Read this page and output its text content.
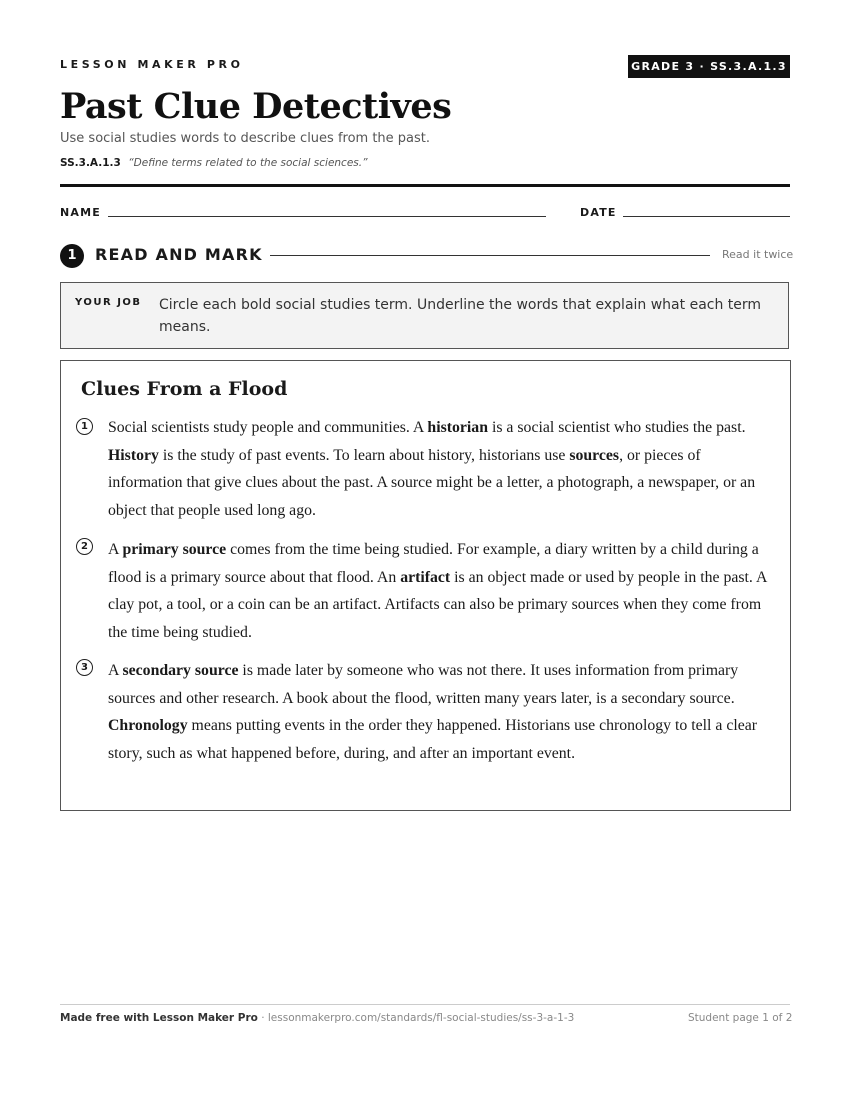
LESSON MAKER PRO	GRADE 3 · SS.3.A.1.3
Past Clue Detectives
Use social studies words to describe clues from the past.
SS.3.A.1.3 “Define terms related to the social sciences.”
NAME	DATE
1	READ AND MARK	Read it twice
YOUR JOB Circle each bold social studies term. Underline the words that explain what each term means.
Clues From a Flood
1	Social scientists study people and communities. A historian is a social scientist who studies the past. History is the study of past events. To learn about history, historians use sources, or pieces of information that give clues about the past. A source might be a letter, a photograph, a newspaper, or an object that people used long ago.
2	A primary source comes from the time being studied. For example, a diary written by a child during a flood is a primary source about that flood. An artifact is an object made or used by people in the past. A clay pot, a tool, or a coin can be an artifact. Artifacts can also be primary sources when they come from the time being studied.
3	A secondary source is made later by someone who was not there. It uses information from primary sources and other research. A book about the flood, written many years later, is a secondary source. Chronology means putting events in the order they happened. Historians use chronology to tell a clear story, such as what happened before, during, and after an important event.
Made free with Lesson Maker Pro · lessonmakerpro.com/standards/fl-social-studies/ss-3-a-1-3	Student page 1 of 2
